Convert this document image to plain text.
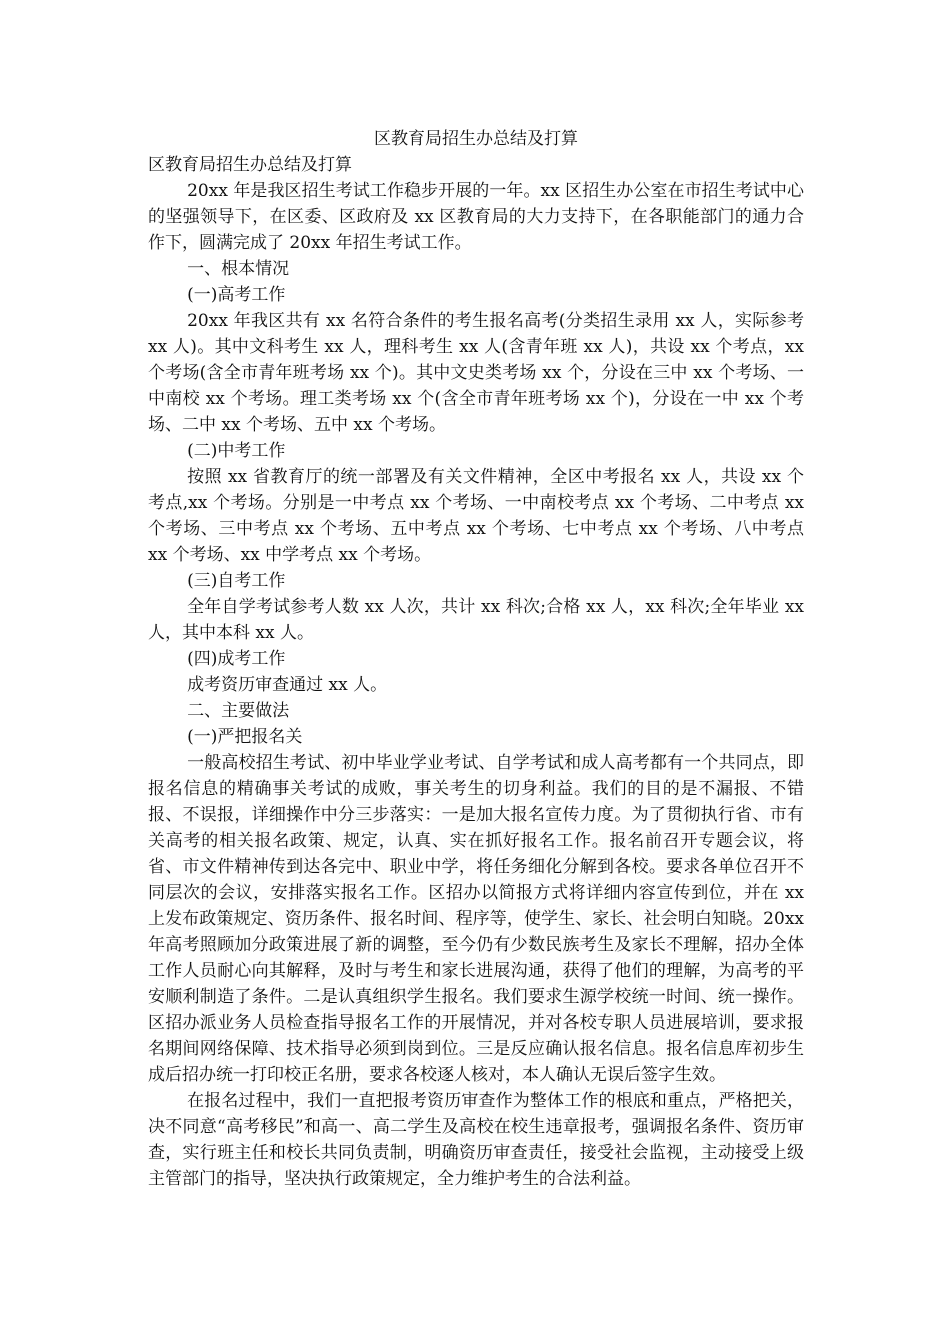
区教育局招生办总结及打算

区教育局招生办总结及打算

20xx 年是我区招生考试工作稳步开展的一年。xx 区招生办公室在市招生考试中心的坚强领导下，在区委、区政府及 xx 区教育局的大力支持下，在各职能部门的通力合作下，圆满完成了 20xx 年招生考试工作。

一、根本情况

(一)高考工作

20xx 年我区共有 xx 名符合条件的考生报名高考(分类招生录用 xx 人，实际参考 xx 人)。其中文科考生 xx 人，理科考生 xx 人(含青年班 xx 人)，共设 xx 个考点，xx 个考场(含全市青年班考场 xx 个)。其中文史类考场 xx 个，分设在三中 xx 个考场、一中南校 xx 个考场。理工类考场 xx 个(含全市青年班考场 xx 个)，分设在一中 xx 个考场、二中 xx 个考场、五中 xx 个考场。

(二)中考工作

按照 xx 省教育厅的统一部署及有关文件精神，全区中考报名 xx 人，共设 xx 个考点,xx 个考场。分别是一中考点 xx 个考场、一中南校考点 xx 个考场、二中考点 xx 个考场、三中考点 xx 个考场、五中考点 xx 个考场、七中考点 xx 个考场、八中考点 xx 个考场、xx 中学考点 xx 个考场。

(三)自考工作

全年自学考试参考人数 xx 人次，共计 xx 科次;合格 xx 人，xx 科次;全年毕业 xx 人，其中本科 xx 人。

(四)成考工作

成考资历审查通过 xx 人。

二、主要做法

(一)严把报名关

一般高校招生考试、初中毕业学业考试、自学考试和成人高考都有一个共同点，即报名信息的精确事关考试的成败，事关考生的切身利益。我们的目的是不漏报、不错报、不误报，详细操作中分三步落实：一是加大报名宣传力度。为了贯彻执行省、市有关高考的相关报名政策、规定，认真、实在抓好报名工作。报名前召开专题会议，将省、市文件精神传到达各完中、职业中学，将任务细化分解到各校。要求各单位召开不同层次的会议，安排落实报名工作。区招办以简报方式将详细内容宣传到位，并在 xx 上发布政策规定、资历条件、报名时间、程序等，使学生、家长、社会明白知晓。20xx 年高考照顾加分政策进展了新的调整，至今仍有少数民族考生及家长不理解，招办全体工作人员耐心向其解释，及时与考生和家长进展沟通，获得了他们的理解，为高考的平安顺利制造了条件。二是认真组织学生报名。我们要求生源学校统一时间、统一操作。区招办派业务人员检查指导报名工作的开展情况，并对各校专职人员进展培训，要求报名期间网络保障、技术指导必须到岗到位。三是反应确认报名信息。报名信息库初步生成后招办统一打印校正名册，要求各校逐人核对，本人确认无误后签字生效。

在报名过程中，我们一直把报考资历审查作为整体工作的根底和重点，严格把关，决不同意“高考移民”和高一、高二学生及高校在校生违章报考，强调报名条件、资历审查，实行班主任和校长共同负责制，明确资历审查责任，接受社会监视，主动接受上级主管部门的指导，坚决执行政策规定，全力维护考生的合法利益。
